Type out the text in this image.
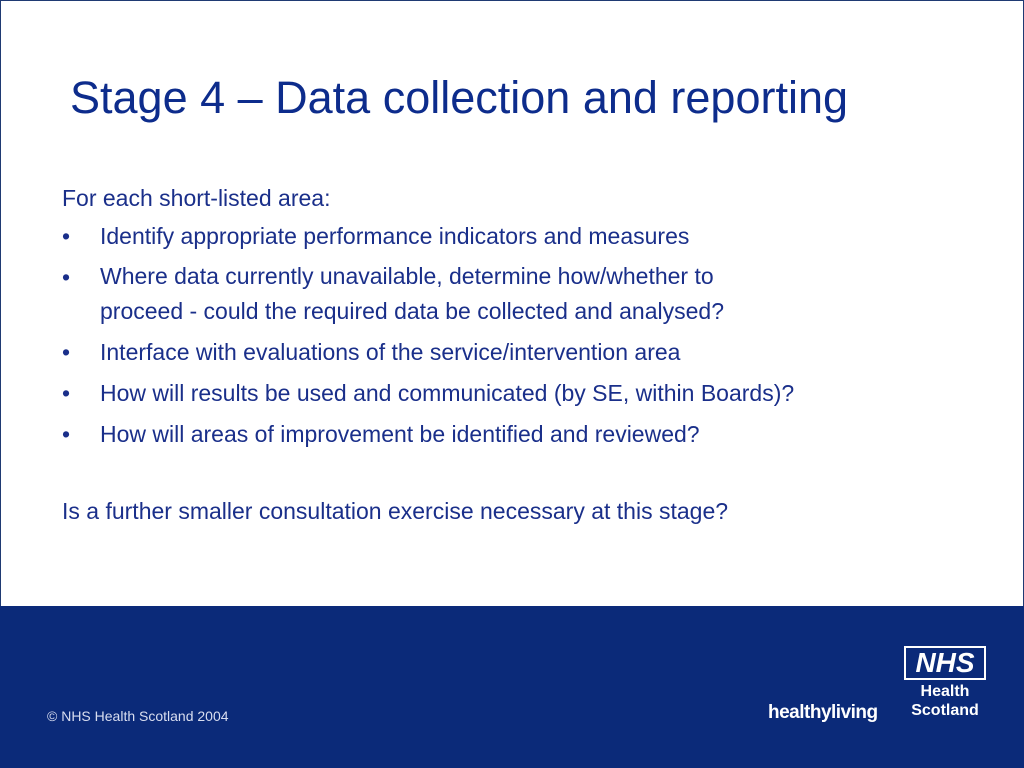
Stage 4 – Data collection and reporting
For each short-listed area:
• Identify appropriate performance indicators and measures
• Where data currently unavailable, determine how/whether to
proceed - could the required data be collected and analysed?
• Interface with evaluations of the service/intervention area
• How will results be used and communicated (by SE, within Boards)?
• How will areas of improvement be identified and reviewed?
Is a further smaller consultation exercise necessary at this stage?
© NHS Health Scotland 2004	healthyliving
NHS
Health
Scotland
